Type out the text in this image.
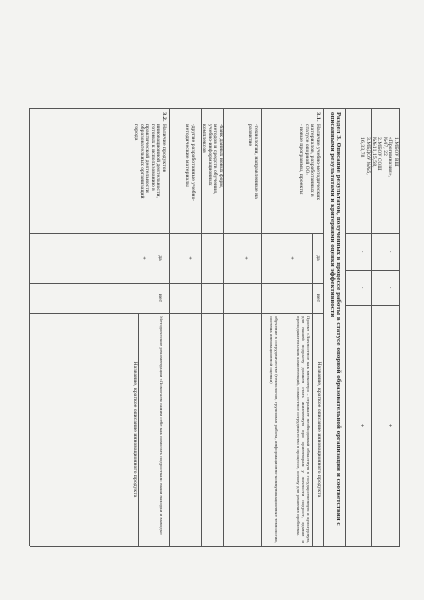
-
-
+
-
-
+

1.МБОУ ВШ

«Прогимназия»,

№47, 22

2.МБОУ СОШ

№№11,15,58,

3.МБДОУ №№5,

16,33,78

Раздел 3. Описание результатов, полученных в процессе работы в статусе опорной образовательной организации и соответствия с описанными результатами и критериями оценки эффективности
3.1.

Наличие учебно-методических

материалов, разработанных в

статусе опорной ОО:

- новые программы, проекты

да
нет
Название, краткое описание инновационного продукта
+
Проект «Личностное как внеконтро – отражает необходимый областную в государственную и культурную, для нашей подрасту должен стать жизненную при ориентирам у личности подрост, здания и преподавательских компетенций, совместное сотрудничество в процессе, основу для решения проблемы.
обучение в сотрудничестве (технология, групповая работа, информационно-коммуникационные технологии, система инновационной оценки)

-технологии, направленные на

развитие

+

-банк данных новых форм,

методов и средств обучения,

учебно-информационных

комплексов

-другие разработанные учебно-

методические материалы

+
3.2.

Наличие продуктов

инновационной деятельности,

готовых к использованию в

практической деятельности

образовательных организаций

города

да
нет
+
Методические рекомендации «Помогаем самим себе как помогать подросткам: наши находки и выводы»
Название, краткое описание инновационного продукта
